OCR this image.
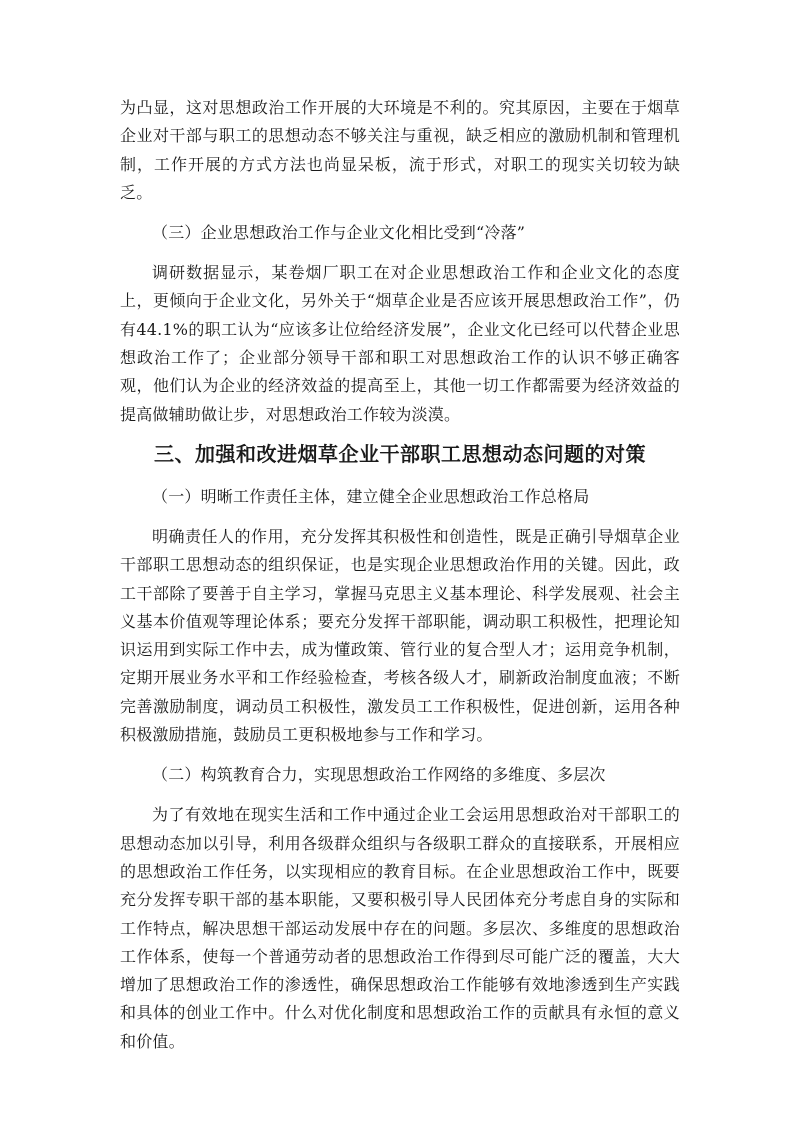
为凸显，这对思想政治工作开展的大环境是不利的。究其原因，主要在于烟草企业对干部与职工的思想动态不够关注与重视，缺乏相应的激励机制和管理机制，工作开展的方式方法也尚显呆板，流于形式，对职工的现实关切较为缺乏。

（三）企业思想政治工作与企业文化相比受到“冷落”

调研数据显示，某卷烟厂职工在对企业思想政治工作和企业文化的态度上，更倾向于企业文化，另外关于“烟草企业是否应该开展思想政治工作”，仍有44.1%的职工认为“应该多让位给经济发展”，企业文化已经可以代替企业思想政治工作了；企业部分领导干部和职工对思想政治工作的认识不够正确客观，他们认为企业的经济效益的提高至上，其他一切工作都需要为经济效益的提高做辅助做让步，对思想政治工作较为淡漠。

三、加强和改进烟草企业干部职工思想动态问题的对策

（一）明晰工作责任主体，建立健全企业思想政治工作总格局

明确责任人的作用，充分发挥其积极性和创造性，既是正确引导烟草企业干部职工思想动态的组织保证，也是实现企业思想政治作用的关键。因此，政工干部除了要善于自主学习，掌握马克思主义基本理论、科学发展观、社会主义基本价值观等理论体系；要充分发挥干部职能，调动职工积极性，把理论知识运用到实际工作中去，成为懂政策、管行业的复合型人才；运用竞争机制，定期开展业务水平和工作经验检查，考核各级人才，刷新政治制度血液；不断完善激励制度，调动员工积极性，激发员工工作积极性，促进创新，运用各种积极激励措施，鼓励员工更积极地参与工作和学习。

（二）构筑教育合力，实现思想政治工作网络的多维度、多层次

为了有效地在现实生活和工作中通过企业工会运用思想政治对干部职工的思想动态加以引导，利用各级群众组织与各级职工群众的直接联系，开展相应的思想政治工作任务，以实现相应的教育目标。在企业思想政治工作中，既要充分发挥专职干部的基本职能，又要积极引导人民团体充分考虑自身的实际和工作特点，解决思想干部运动发展中存在的问题。多层次、多维度的思想政治工作体系，使每一个普通劳动者的思想政治工作得到尽可能广泛的覆盖，大大增加了思想政治工作的渗透性，确保思想政治工作能够有效地渗透到生产实践和具体的创业工作中。什么对优化制度和思想政治工作的贡献具有永恒的意义和价值。
